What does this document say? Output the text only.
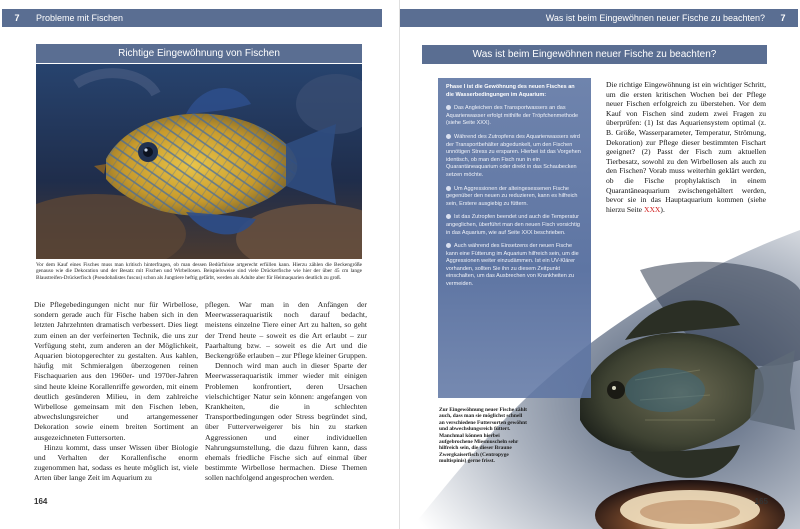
7	Probleme mit Fischen
Richtige Eingewöhnung von Fischen
Vor dem Kauf eines Fisches muss man kritisch hinterfragen, ob man dessen Bedürfnisse artgerecht erfüllen kann. Hierzu zählen die Beckengröße genauso wie die Dekoration und der Besatz mit Fischen und Wirbellosen. Beispielsweise sind viele Drückerfische wie hier der über 45 cm lange Blaustreifen-Drückerfisch (Pseudobalistes fuscus) schon als Jungtiere heftig gefärbt, werden als Adulte aber für Heimaquarien deutlich zu groß.

Die Pflegebedingungen nicht nur für Wirbellose, sondern gerade auch für Fische haben sich in den letzten Jahrzehnten dramatisch verbessert. Dies liegt zum einen an der verfeinerten Technik, die uns zur Verfügung steht, zum anderen an der Möglichkeit, Aquarien biotopgerechter zu gestalten. Aus kahlen, häufig mit Schmieralgen überzogenen reinen Fischaquarien aus den 1960er- und 1970er-Jahren sind heute kleine Korallenriffe geworden, mit einem deutlich gesünderen Milieu, in dem zahlreiche Wirbellose gemeinsam mit den Fischen leben, abwechslungsreicher und artangemessener Dekoration sowie einem breiten Sortiment an ausgezeichneten Futtersorten.

Hinzu kommt, dass unser Wissen über Biologie und Verhalten der Korallenfische enorm zugenommen hat, sodass es heute möglich ist, viele Arten über lange Zeit im Aquarium zu

pflegen. War man in den Anfängen der Meerwasseraquaristik noch darauf bedacht, meistens einzelne Tiere einer Art zu halten, so geht der Trend heute – soweit es die Art erlaubt – zur Paarhaltung bzw. – soweit es die Art und die Beckengröße erlauben – zur Pflege kleiner Gruppen.

Dennoch wird man auch in dieser Sparte der Meerwasseraquaristik immer wieder mit einigen Problemen konfrontiert, deren Ursachen vielschichtiger Natur sein können: angefangen von Krankheiten, die in schlechten Transportbedingungen oder Stress begründet sind, über Futterverweigerer bis hin zu starken Aggressionen und einer individuellen Nahrungsumstellung, die dazu führen kann, dass ehemals friedliche Fische sich auf einmal über bestimmte Wirbellose hermachen. Diese Themen sollen nachfolgend angesprochen werden.

164
Was ist beim Eingewöhnen neuer Fische zu beachten?	7
Was ist beim Eingewöhnen neuer Fische zu beachten?

Phase I ist die Gewöhnung des neuen Fisches an die Wasserbedingungen im Aquarium:

Das Angleichen des Transportwassers an das Aquarienwasser erfolgt mithilfe der Tröpfchenmethode (siehe Seite XXX).

Während des Zutropfens des Aquarienwassers wird der Transportbehälter abgedunkelt, um den Fischen unnötigen Stress zu ersparen. Hierbei ist das Vorgehen identisch, ob man den Fisch nun in ein Quarantäneaquarium oder direkt in das Schaubecken setzen möchte.

Um Aggressionen der alteingesessenen Fische gegenüber den neuen zu reduzieren, kann es hilfreich sein, Erstere ausgiebig zu füttern.

Ist das Zutropfen beendet und auch die Temperatur angeglichen, überführt man den neuen Fisch vorsichtig in das Aquarium, wie auf Seite XXX beschrieben.

Auch während des Einsetzens der neuen Fische kann eine Fütterung im Aquarium hilfreich sein, um die Aggressionen weiter einzudämmen. Ist ein UV-Klärer vorhanden, sollten Sie ihn zu diesem Zeitpunkt einschalten, um das Ausbrechen von Krankheiten zu vermeiden.

Die richtige Eingewöhnung ist ein wichtiger Schritt, um die ersten kritischen Wochen bei der Pflege neuer Fischen erfolgreich zu überstehen. Vor dem Kauf von Fischen sind zudem zwei Fragen zu überprüfen: (1) Ist das Aquariensystem optimal (z. B. Größe, Wasserparameter, Temperatur, Strömung, Dekoration) zur Pflege dieser bestimmten Fischart geeignet? (2) Passt der Fisch zum aktuellen Tierbesatz, sowohl zu den Wirbellosen als auch zu den Fischen? Vorab muss weiterhin geklärt werden, ob die Fische prophylaktisch in einem Quarantäneaquarium zwischengehältert werden, bevor sie in das Hauptaquarium kommen (siehe hierzu Seite XXX).
Zur Eingewöhnung neuer Fische zählt auch, dass man sie möglichst schnell an verschiedene Futtersorten gewöhnt und abwechslungsreich füttert. Manchmal können hierbei aufgebrochene Miesmuscheln sehr hilfreich sein, die dieser Braune Zwergkaiserfisch (Centropyge multispinis) gerne frisst.
165
